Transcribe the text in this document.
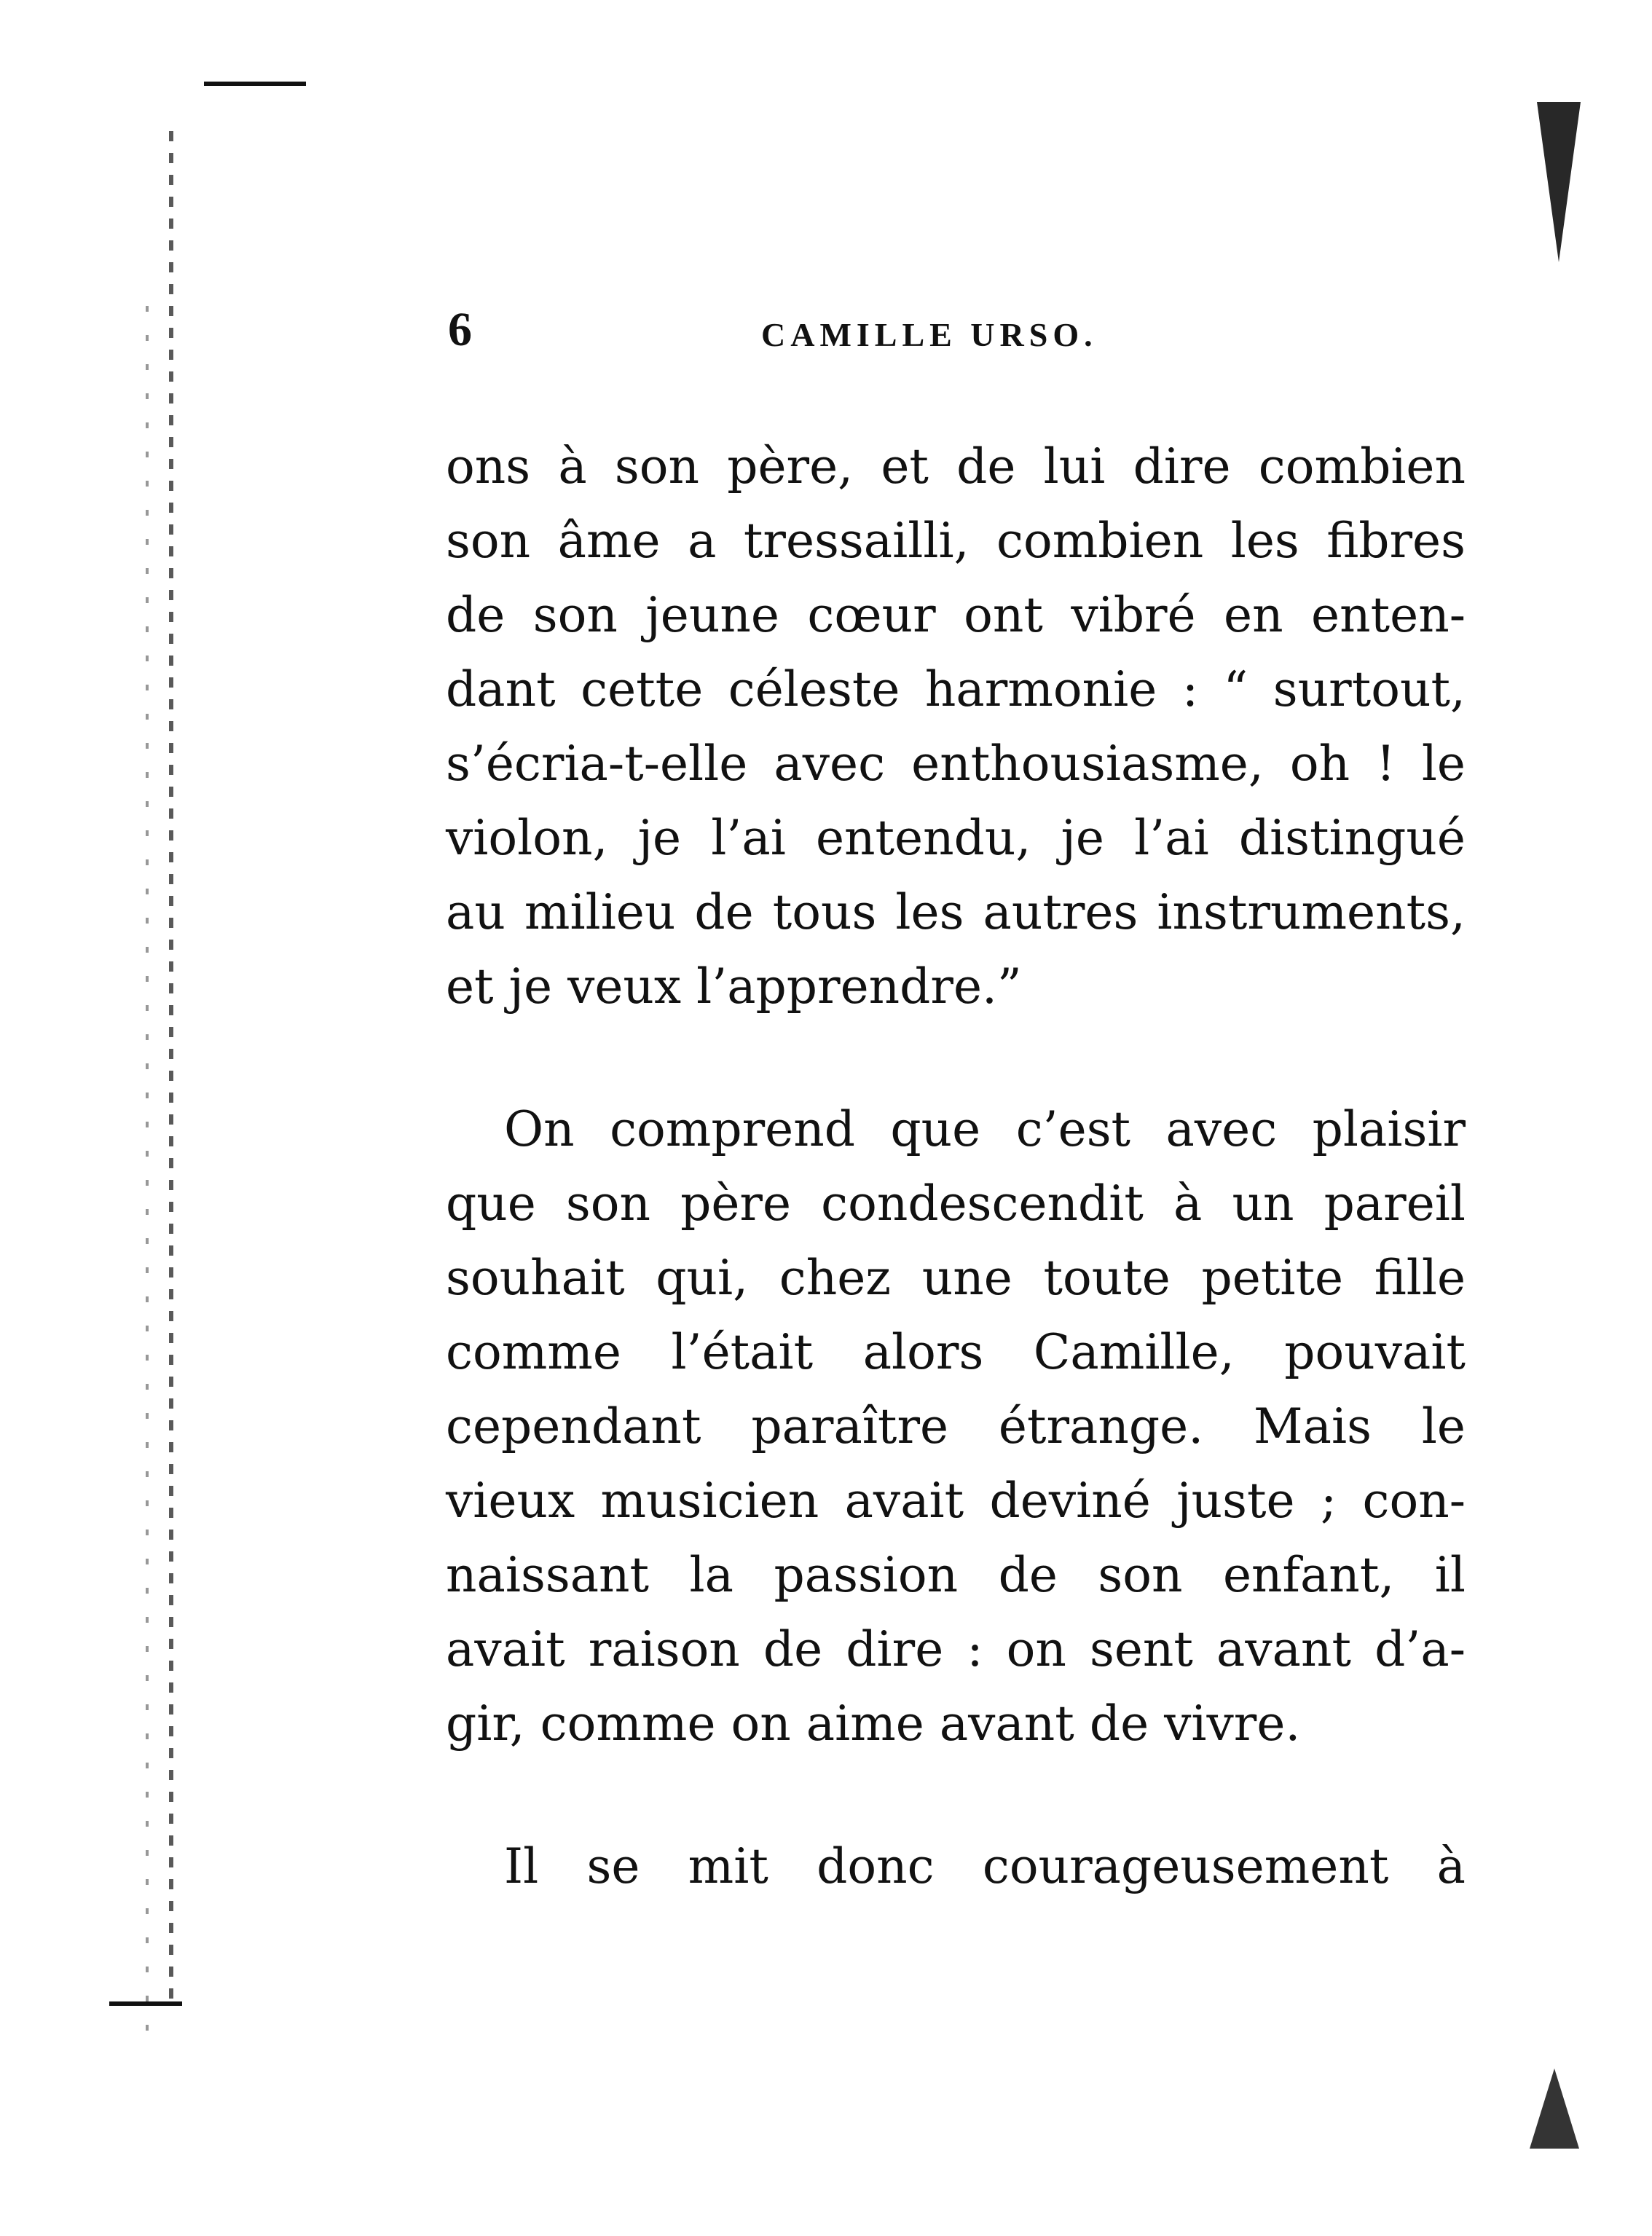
6	CAMILLE URSO.
ons à son père, et de lui dire combien
son âme a tressailli, combien les fibres
de son jeune cœur ont vibré en enten-
dant cette céleste harmonie : “ surtout,
s’écria-t-elle avec enthousiasme, oh ! le
violon, je l’ai entendu, je l’ai distingué
au milieu de tous les autres instruments,
et je veux l’apprendre.”
On comprend que c’est avec plaisir
que son père condescendit à un pareil
souhait qui, chez une toute petite fille
comme l’était alors Camille, pouvait
cependant paraître étrange. Mais le
vieux musicien avait deviné juste ; con-
naissant la passion de son enfant, il
avait raison de dire : on sent avant d’a-
gir, comme on aime avant de vivre.
Il se mit donc courageusement à
